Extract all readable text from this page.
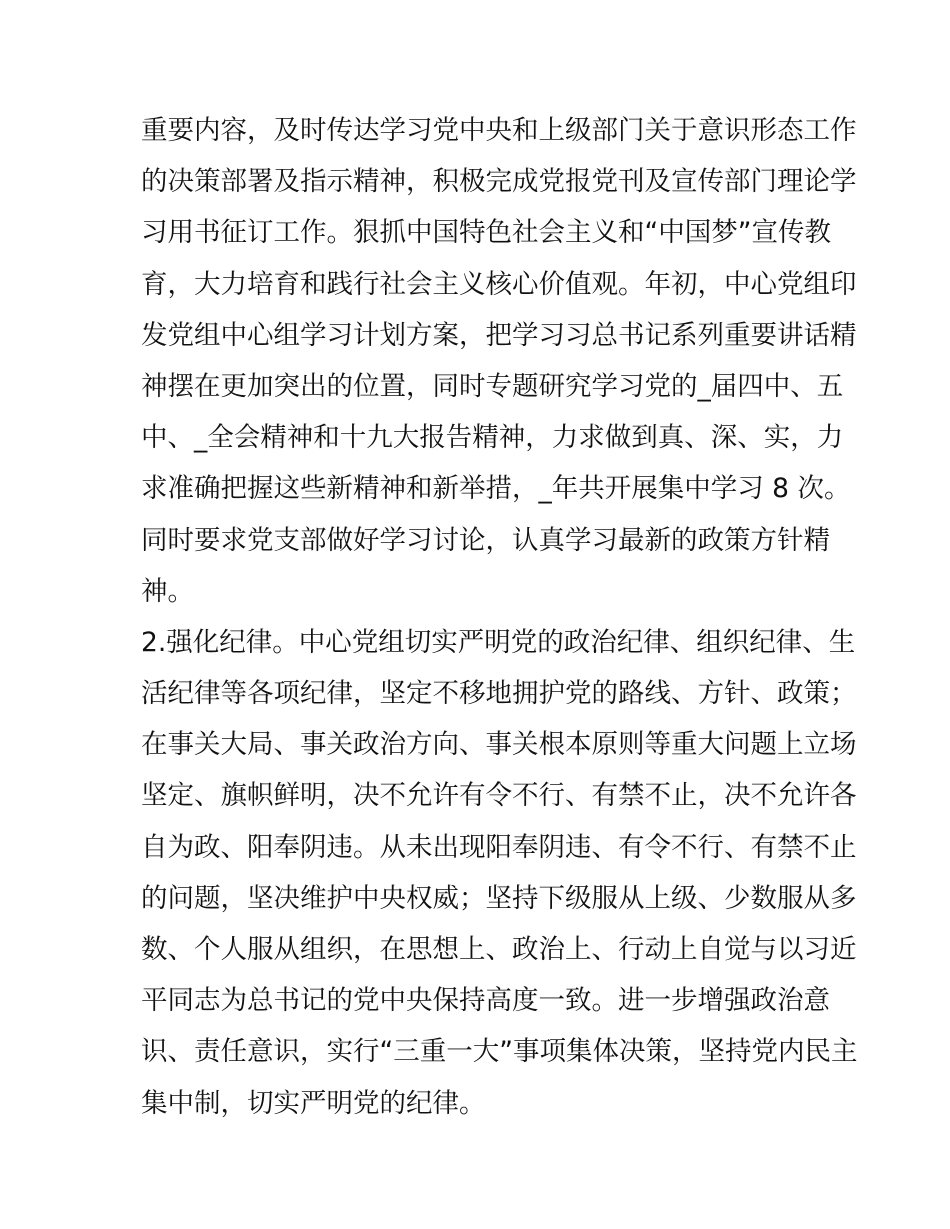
重要内容，及时传达学习党中央和上级部门关于意识形态工作
的决策部署及指示精神，积极完成党报党刊及宣传部门理论学
习用书征订工作。狠抓中国特色社会主义和“中国梦”宣传教
育，大力培育和践行社会主义核心价值观。年初，中心党组印
发党组中心组学习计划方案，把学习习总书记系列重要讲话精
神摆在更加突出的位置，同时专题研究学习党的_届四中、五
中、_全会精神和十九大报告精神，力求做到真、深、实，力
求准确把握这些新精神和新举措，_年共开展集中学习 8 次。
同时要求党支部做好学习讨论，认真学习最新的政策方针精
神。
2.强化纪律。中心党组切实严明党的政治纪律、组织纪律、生
活纪律等各项纪律，坚定不移地拥护党的路线、方针、政策；
在事关大局、事关政治方向、事关根本原则等重大问题上立场
坚定、旗帜鲜明，决不允许有令不行、有禁不止，决不允许各
自为政、阳奉阴违。从未出现阳奉阴违、有令不行、有禁不止
的问题，坚决维护中央权威；坚持下级服从上级、少数服从多
数、个人服从组织，在思想上、政治上、行动上自觉与以习近
平同志为总书记的党中央保持高度一致。进一步增强政治意
识、责任意识，实行“三重一大”事项集体决策，坚持党内民主
集中制，切实严明党的纪律。
